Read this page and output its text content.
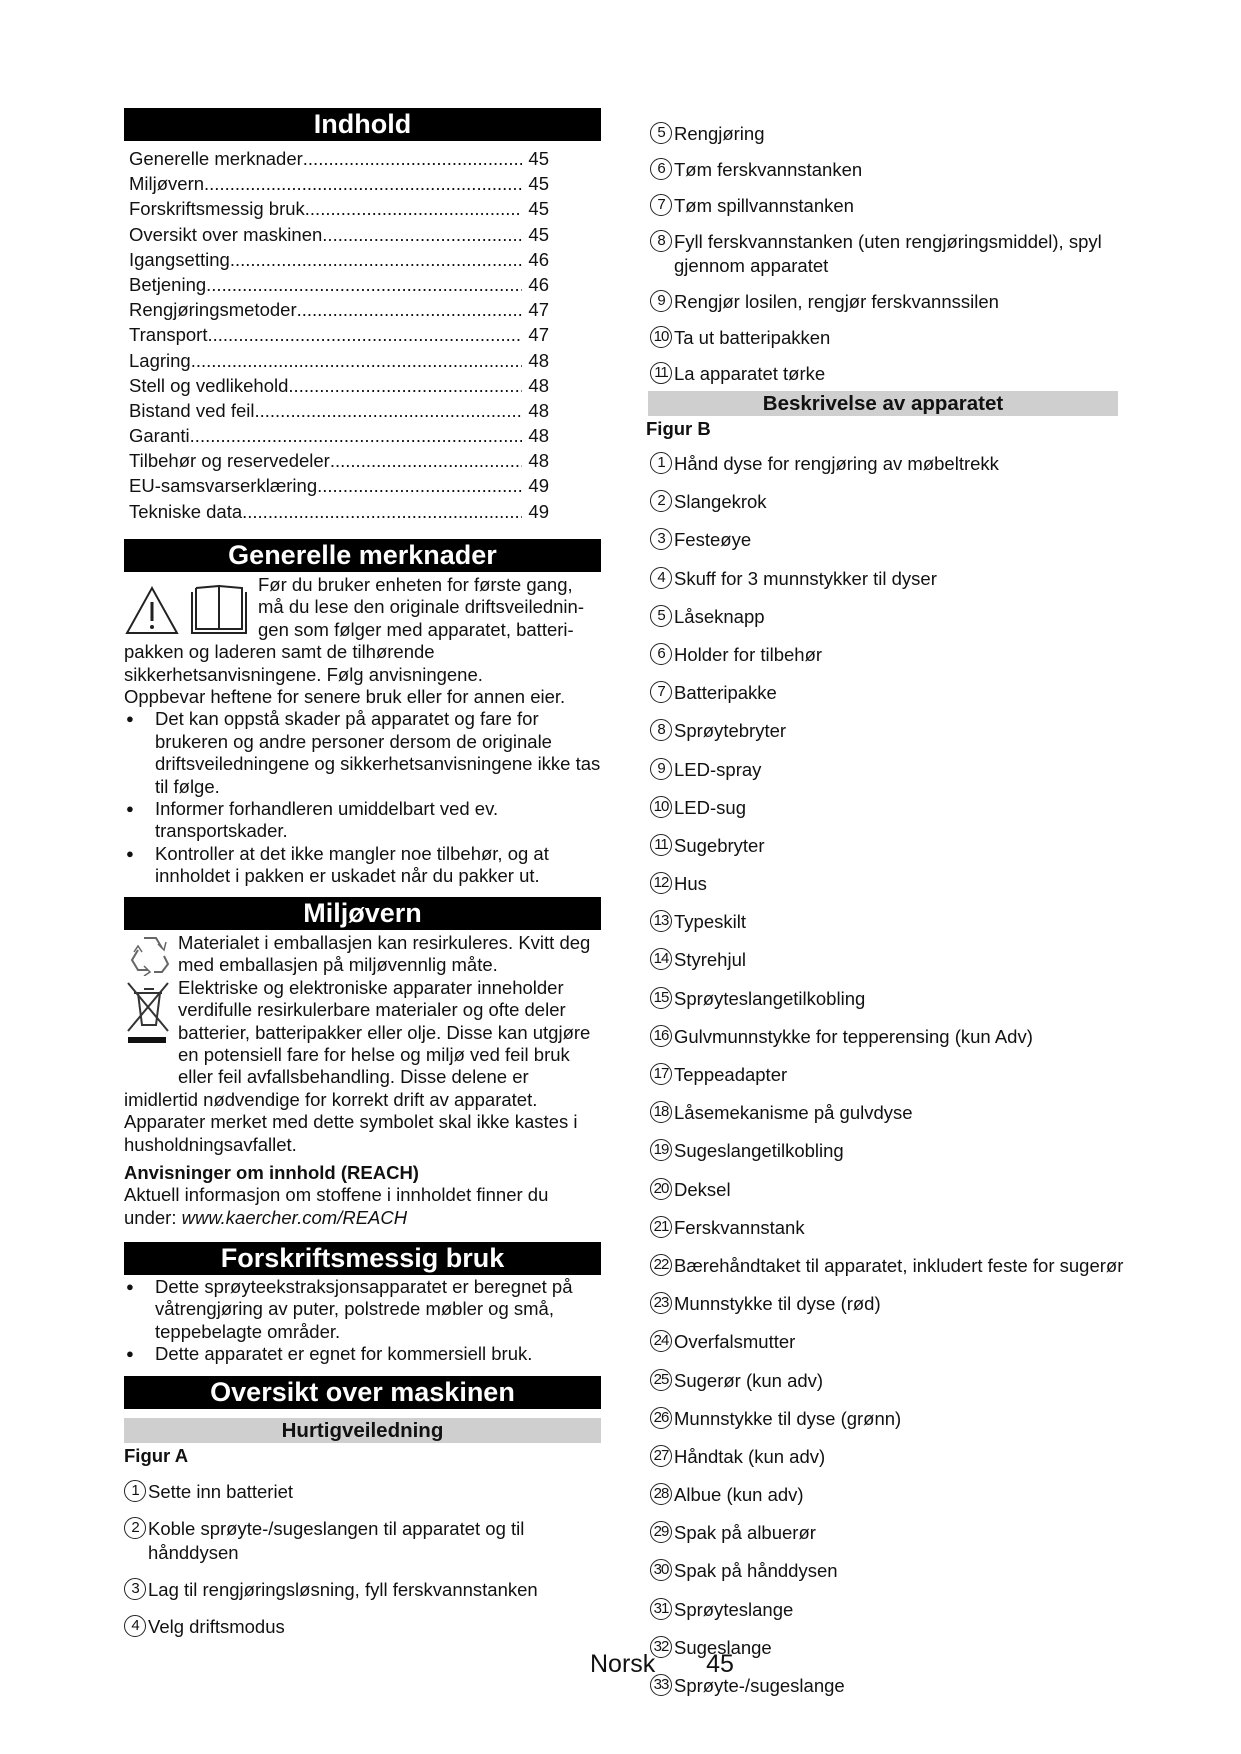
Indhold
Generelle merknader .....	45
Miljøvern .....	45
Forskriftsmessig bruk .....	45
Oversikt over maskinen .....	45
Igangsetting .....	46
Betjening .....	46
Rengjøringsmetoder .....	47
Transport .....	47
Lagring .....	48
Stell og vedlikehold .....	48
Bistand ved feil .....	48
Garanti .....	48
Tilbehør og reservedeler .....	48
EU-samsvarserklæring .....	49
Tekniske data .....	49
Generelle merknader
Før du bruker enheten for første gang,
må du lese den originale driftsveilednin-
gen som følger med apparatet, batteri-
pakken og laderen samt de tilhørende
sikkerhetsanvisningene. Følg anvisningene.
Oppbevar heftene for senere bruk eller for annen eier.
●	Det kan oppstå skader på apparatet og fare for brukeren og andre personer dersom de originale driftsveiledningene og sikkerhetsanvisningene ikke tas til følge.
●	Informer forhandleren umiddelbart ved ev. transportskader.
●	Kontroller at det ikke mangler noe tilbehør, og at innholdet i pakken er uskadet når du pakker ut.
Miljøvern
Materialet i emballasjen kan resirkuleres. Kvitt deg med emballasjen på miljøvennlig måte.
Elektriske og elektroniske apparater inneholder verdifulle resirkulerbare materialer og ofte deler batterier, batteripakker eller olje. Disse kan utgjøre en potensiell fare for helse og miljø ved feil bruk eller feil avfallsbehandling. Disse delene er imidlertid nødvendige for korrekt drift av apparatet. Apparater merket med dette symbolet skal ikke kastes i husholdningsavfallet.
Anvisninger om innhold (REACH)
Aktuell informasjon om stoffene i innholdet finner du under: www.kaercher.com/REACH
Forskriftsmessig bruk
●	Dette sprøyteekstraksjonsapparatet er beregnet på våtrengjøring av puter, polstrede møbler og små, teppebelagte områder.
●	Dette apparatet er egnet for kommersiell bruk.
Oversikt over maskinen
Hurtigveiledning
Figur A
1 Sette inn batteriet
2 Koble sprøyte-/sugeslangen til apparatet og til hånddysen
3 Lag til rengjøringsløsning, fyll ferskvannstanken
4 Velg driftsmodus
5 Rengjøring
6 Tøm ferskvannstanken
7 Tøm spillvannstanken
8 Fyll ferskvannstanken (uten rengjøringsmiddel), spyl gjennom apparatet
9 Rengjør losilen, rengjør ferskvannssilen
10 Ta ut batteripakken
11 La apparatet tørke
Beskrivelse av apparatet
Figur B
1 Hånd dyse for rengjøring av møbeltrekk
2 Slangekrok
3 Festeøye
4 Skuff for 3 munnstykker til dyser
5 Låseknapp
6 Holder for tilbehør
7 Batteripakke
8 Sprøytebryter
9 LED-spray
10 LED-sug
11 Sugebryter
12 Hus
13 Typeskilt
14 Styrehjul
15 Sprøyteslangetilkobling
16 Gulvmunnstykke for tepperensing (kun Adv)
17 Teppeadapter
18 Låsemekanisme på gulvdyse
19 Sugeslangetilkobling
20 Deksel
21 Ferskvannstank
22 Bærehåndtaket til apparatet, inkludert feste for sugerør
23 Munnstykke til dyse (rød)
24 Overfalsmutter
25 Sugerør (kun adv)
26 Munnstykke til dyse (grønn)
27 Håndtak (kun adv)
28 Albue (kun adv)
29 Spak på albuerør
30 Spak på hånddysen
31 Sprøyteslange
32 Sugeslange
33 Sprøyte-/sugeslange
Norsk 45
